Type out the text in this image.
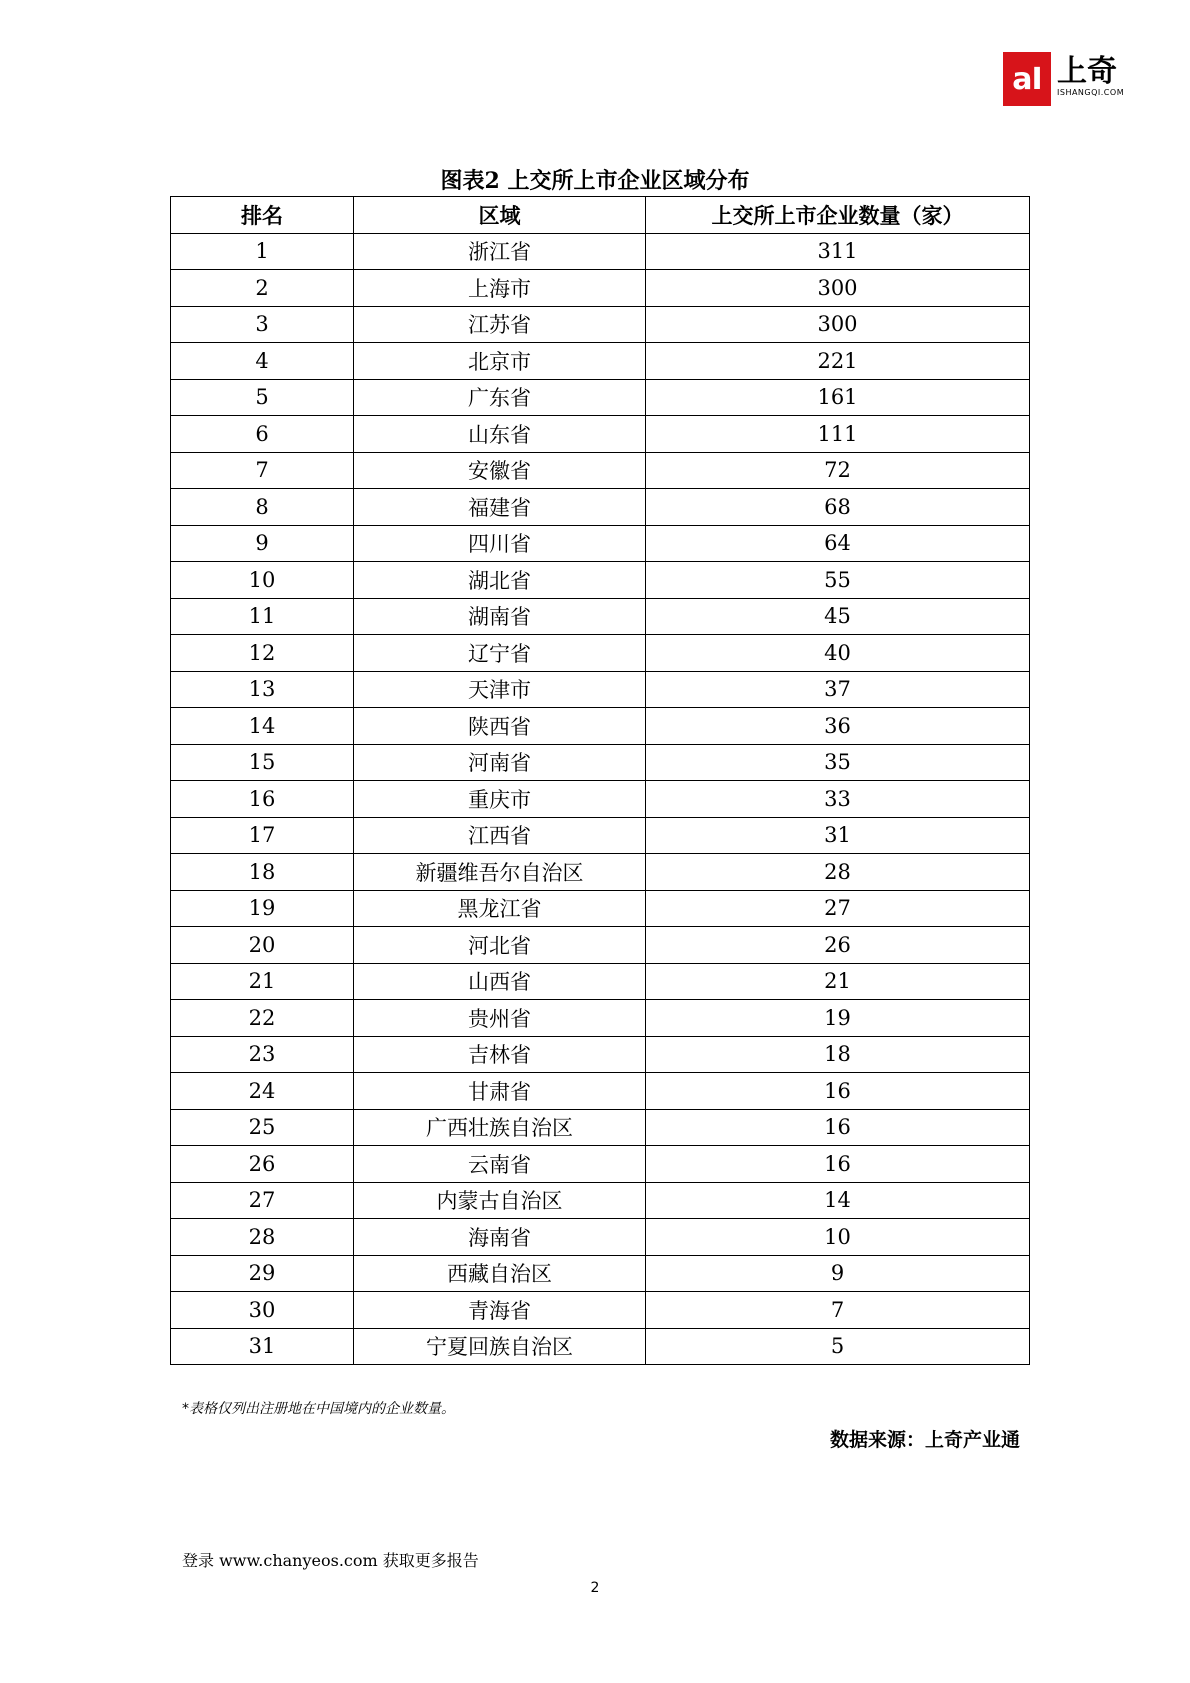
aI 上奇
ISHANGQI.COM
图表2 上交所上市企业区域分布
排名	区域	上交所上市企业数量（家）
1	浙江省	311
2	上海市	300
3	江苏省	300
4	北京市	221
5	广东省	161
6	山东省	111
7	安徽省	72
8	福建省	68
9	四川省	64
10	湖北省	55
11	湖南省	45
12	辽宁省	40
13	天津市	37
14	陕西省	36
15	河南省	35
16	重庆市	33
17	江西省	31
18	新疆维吾尔自治区	28
19	黑龙江省	27
20	河北省	26
21	山西省	21
22	贵州省	19
23	吉林省	18
24	甘肃省	16
25	广西壮族自治区	16
26	云南省	16
27	内蒙古自治区	14
28	海南省	10
29	西藏自治区	9
30	青海省	7
31	宁夏回族自治区	5
*表格仅列出注册地在中国境内的企业数量。
数据来源：上奇产业通
登录 www.chanyeos.com 获取更多报告
2
